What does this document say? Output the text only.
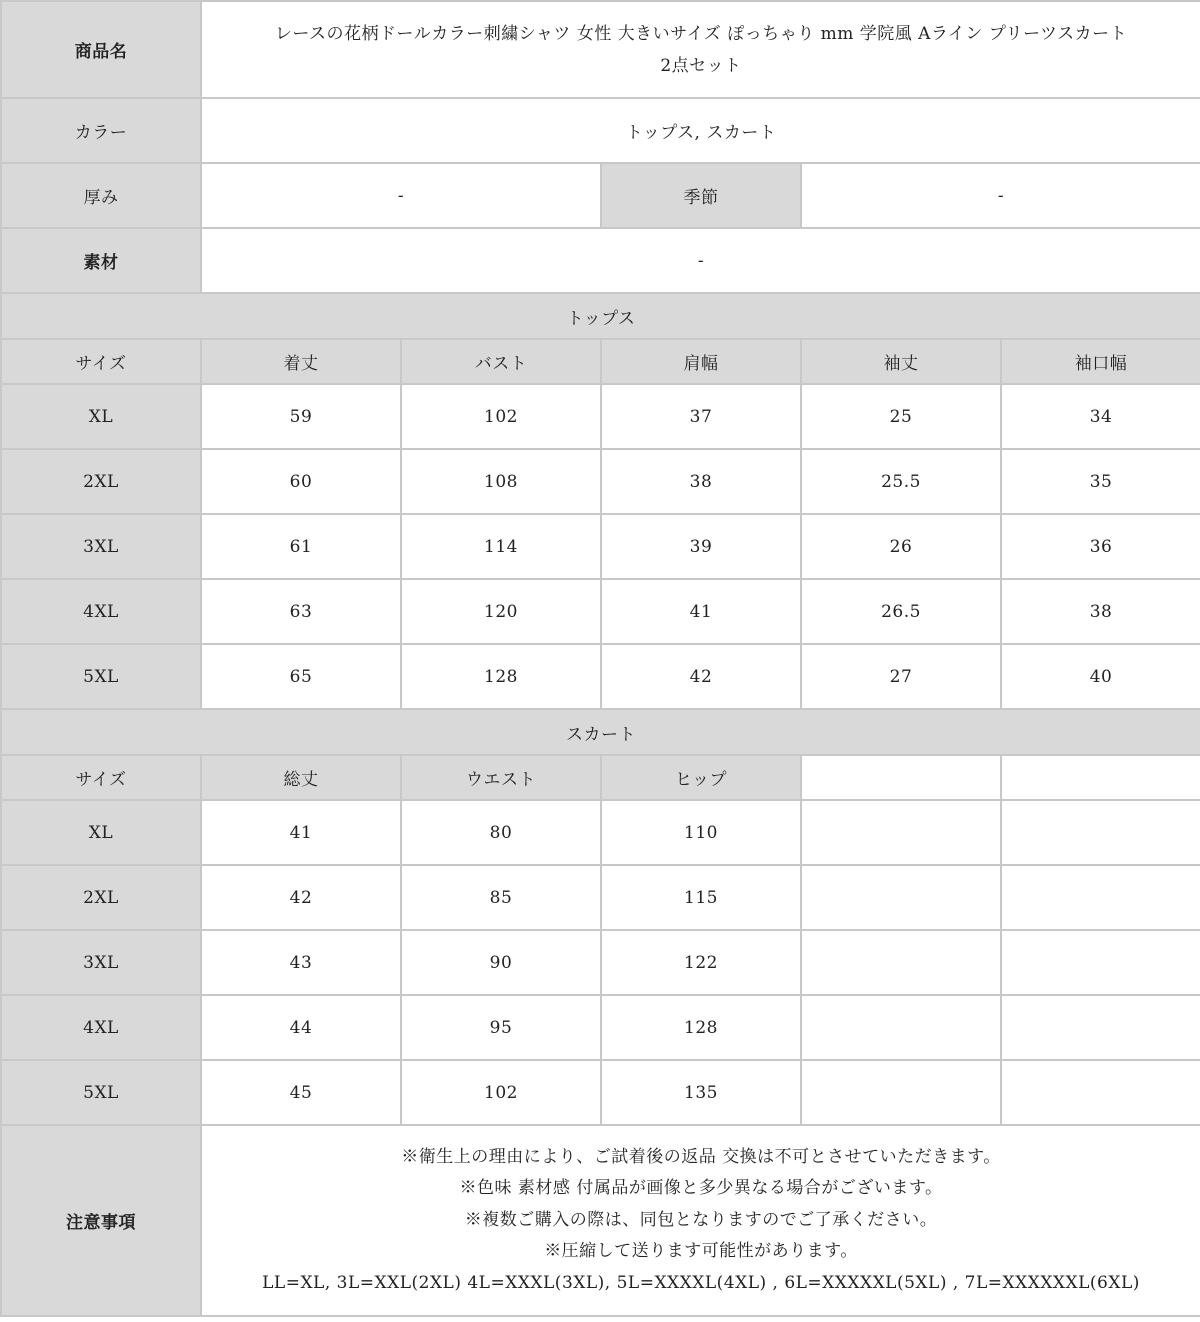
商品名	レースの花柄ドールカラー刺繍シャツ 女性 大きいサイズ ぽっちゃり mm 学院風 Aライン プリーツスカート
2点セット				

カラー	トップス, スカート				
厚み	-		季節	-	
素材	-				
トップス					
サイズ	着丈	バスト	肩幅	袖丈	袖口幅
XL	59	102	37	25	34
2XL	60	108	38	25.5	35
3XL	61	114	39	26	36
4XL	63	120	41	26.5	38
5XL	65	128	42	27	40
スカート					
サイズ	総丈	ウエスト	ヒップ		
XL	41	80	110		
2XL	42	85	115		
3XL	43	90	122		
4XL	44	95	128		
5XL	45	102	135		
注意事項	※衛生上の理由により、ご試着後の返品 交換は不可とさせていただきます。

※色味 素材感 付属品が画像と多少異なる場合がございます。

※複数ご購入の際は、同包となりますのでご了承ください。

※圧縮して送ります可能性があります。

LL=XL, 3L=XXL(2XL) 4L=XXXL(3XL), 5L=XXXXL(4XL) , 6L=XXXXXL(5XL) , 7L=XXXXXXL(6XL)				
